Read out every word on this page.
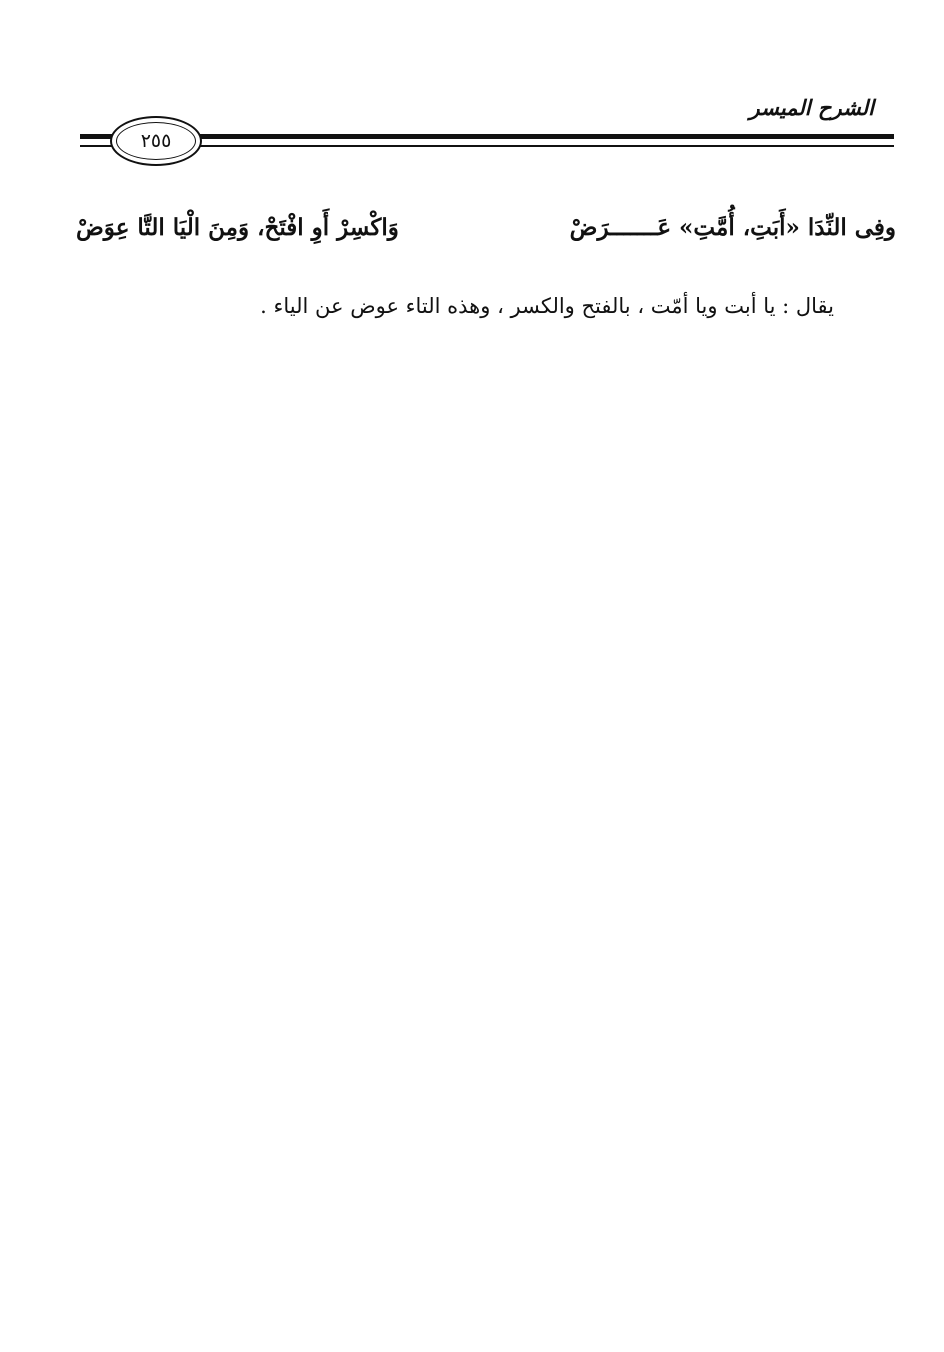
الشرح الميسر
٢٥٥
وفِى النِّدَا «أَبَتِ، أُمَّتِ» عَـــــــرَضْ
وَاكْسِرْ أَوِ افْتَحْ، وَمِنَ الْيَا التَّا عِوَضْ
يقال : يا أبت ويا أمّت ، بالفتح والكسر ، وهذه التاء عوض عن الياء .
